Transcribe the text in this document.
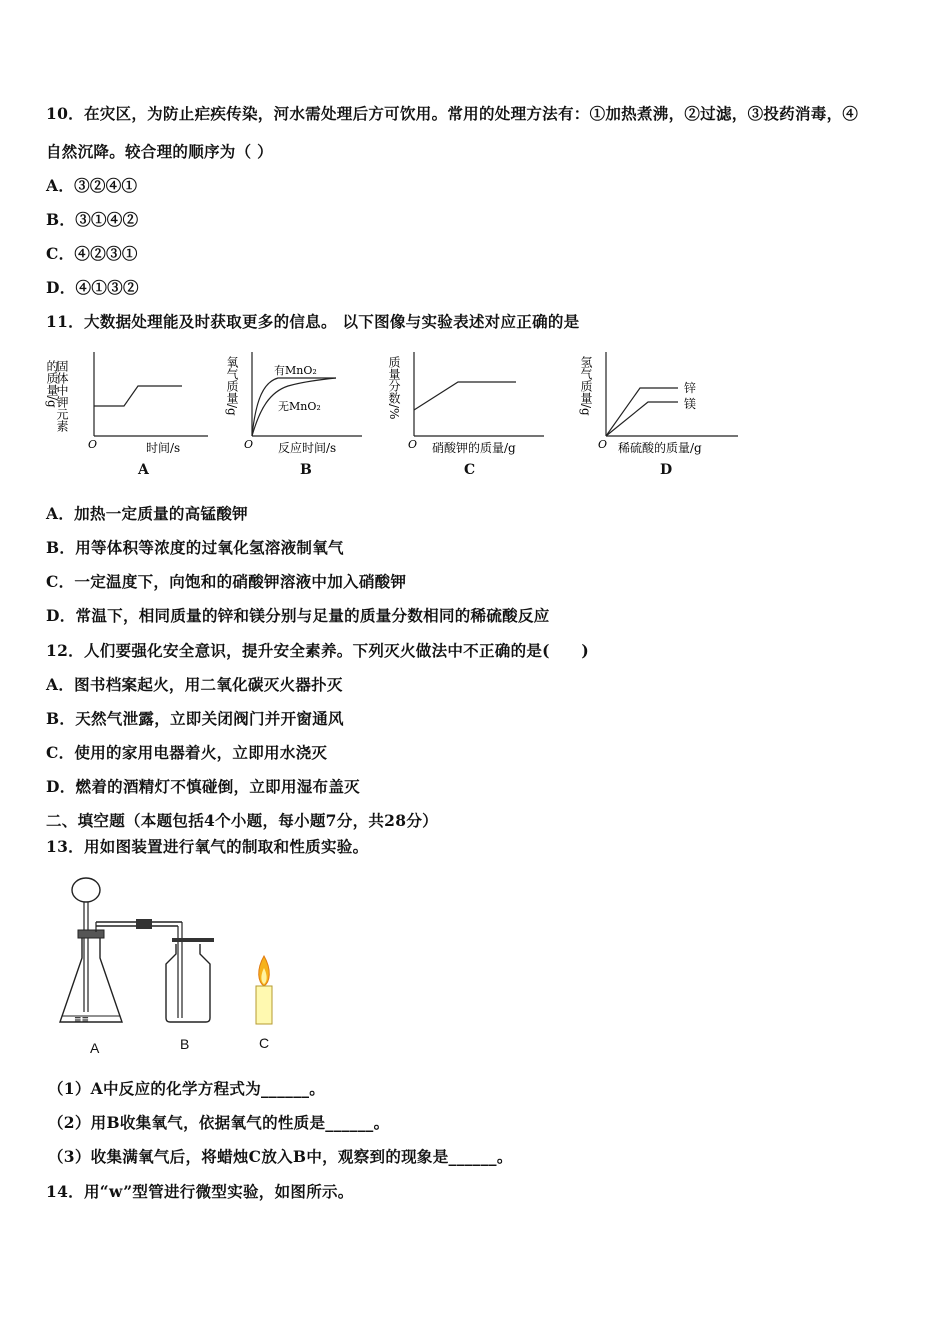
10．在灾区，为防止疟疾传染，河水需处理后方可饮用。常用的处理方法有：①加热煮沸，②过滤，③投药消毒，④
自然沉降。较合理的顺序为（ ）
A．③②④①
B．③①④②
C．④②③①
D．④①③②
11．大数据处理能及时获取更多的信息。 以下图像与实验表述对应正确的是
固体中钾元素
的质量/g
O	时间/s
A
氧气质量/g	有MnO₂
无MnO₂
O 反应时间/s
B
质量分数/%
O 硝酸钾的质量/g
C
氢气质量/g	锌
镁
O 稀硫酸的质量/g
D
A．加热一定质量的高锰酸钾
B．用等体积等浓度的过氧化氢溶液制氧气
C．一定温度下，向饱和的硝酸钾溶液中加入硝酸钾
D．常温下，相同质量的锌和镁分别与足量的质量分数相同的稀硫酸反应
12．人们要强化安全意识，提升安全素养。下列灭火做法中不正确的是(　　)
A．图书档案起火，用二氧化碳灭火器扑灭
B．天然气泄露，立即关闭阀门并开窗通风
C．使用的家用电器着火，立即用水浇灭
D．燃着的酒精灯不慎碰倒，立即用湿布盖灭
二、填空题（本题包括4个小题，每小题7分，共28分）
13．用如图装置进行氧气的制取和性质实验。
≡≡
A	B	C
（1）A中反应的化学方程式为______。
（2）用B收集氧气，依据氧气的性质是______。
（3）收集满氧气后，将蜡烛C放入B中，观察到的现象是______。
14．用“w”型管进行微型实验，如图所示。
